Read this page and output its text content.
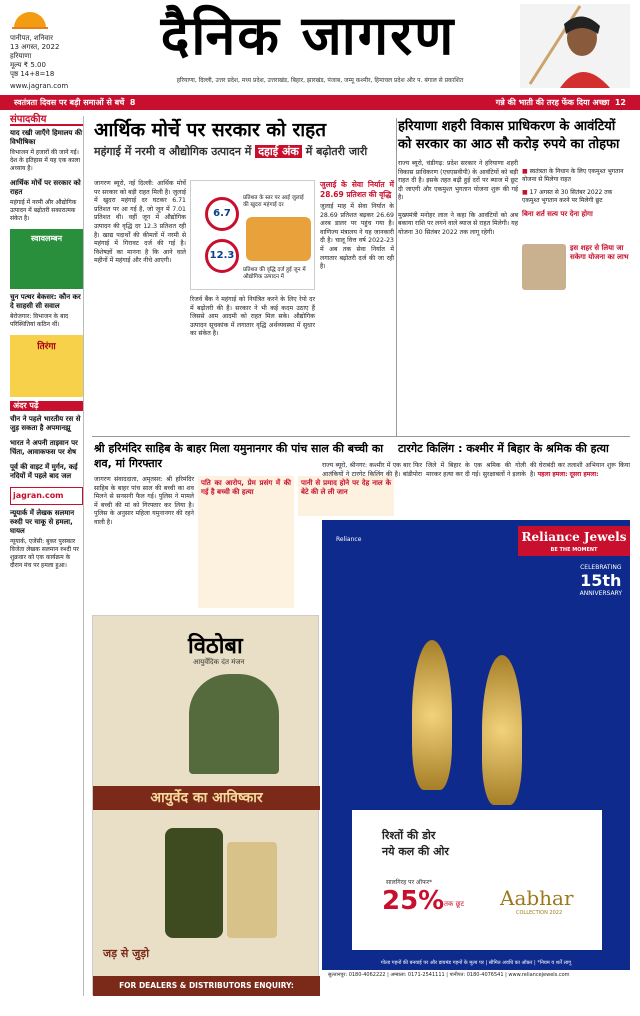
पानीपत, शनिवार
13 अगस्त, 2022
हरियाणा
मूल्य ₹ 5.00
पृष्ठ 14+8=18
www.jagran.com
दैनिक जागरण
हरियाणा, दिल्ली, उत्तर प्रदेश, मध्य प्रदेश, उत्तराखंड, बिहार, झारखंड, पंजाब, जम्मू कश्मीर, हिमाचल प्रदेश और प. बंगाल से प्रकाशित
स्वतंत्रता दिवस पर बड़ी समाओं से बचें 8	गन्ने की भाती की तरह फेंक दिया अच्छा 12
संपादकीय
याद रखी जाएँगे हिमालय की विभीषिका
विभाजन में हजारों की जानें गई। देश के इतिहास में यह एक काला अध्याय है।
आर्थिक मोर्चे पर सरकार को राहत
महंगाई में नरमी और औद्योगिक उत्पादन में बढ़ोतरी सकारात्मक संकेत है।
स्वावलम्बन
चुन पत्थर बेकसर: कौन कर दे साहसी सी सवाल
बेरोजगार: विभाजन के बाद परिस्थितियां कठिन थीं।
तिरंगा
अंदर पढ़ें
चीन ने पहले भारतीय रस से जुड़ सकता है अपमानझू
भारत ने अपनी ताइवान पर चिंता, आवाकफस पर शेष
पूर्व की वाइट में मुर्गन, कई नदियों में पहले बाद जल
jagran.com
न्यूयार्क में लेखक सलमान रुश्दी पर चाकू से हमला, घायल
न्यूयार्क, एजेंसी: बुकर पुरस्कार विजेता लेखक सलमान रुश्दी पर शुक्रवार को एक कार्यक्रम के दौरान मंच पर हमला हुआ।
आर्थिक मोर्चे पर सरकार को राहत
महंगाई में नरमी व औद्योगिक उत्पादन में दहाई अंक में बढ़ोतरी जारी
जागरण ब्यूरो, नई दिल्ली: आर्थिक मोर्चे पर सरकार को बड़ी राहत मिली है। जुलाई में खुदरा महंगाई दर घटकर 6.71 प्रतिशत पर आ गई है, जो जून में 7.01 प्रतिशत थी। वहीं जून में औद्योगिक उत्पादन की वृद्धि दर 12.3 प्रतिशत रही है। खाद्य पदार्थों की कीमतों में नरमी से महंगाई में गिरावट दर्ज की गई है। विशेषज्ञों का मानना है कि आने वाले महीनों में महंगाई और नीचे आएगी।
6.7
प्रतिशत के स्तर पर आई जुलाई की खुदरा महंगाई दर
12.3
प्रतिशत की वृद्धि दर्ज हुई जून में औद्योगिक उत्पादन में
रिजर्व बैंक ने महंगाई को नियंत्रित करने के लिए रेपो दर में बढ़ोतरी की है। सरकार ने भी कई कदम उठाए हैं जिससे आम आदमी को राहत मिल सके। औद्योगिक उत्पादन सूचकांक में लगातार वृद्धि अर्थव्यवस्था में सुधार का संकेत है।
जुलाई के सेवा निर्यात में 28.69 प्रतिशत की वृद्धि
जुलाई माह में सेवा निर्यात के 28.69 प्रतिशत बढ़कर 26.69 अरब डालर पर पहुंच गया है। वाणिज्य मंत्रालय ने यह जानकारी दी है। चालू वित्त वर्ष 2022-23 में अब तक सेवा निर्यात में लगातार बढ़ोतरी दर्ज की जा रही है।
हरियाणा शहरी विकास प्राधिकरण के आवंटियों को सरकार का आठ सौ करोड़ रुपये का तोहफा
राज्य ब्यूरो, चंडीगढ़: प्रदेश सरकार ने हरियाणा शहरी विकास प्राधिकरण (एचएसवीपी) के आवंटियों को बड़ी राहत दी है। इसके तहत बढ़ी हुई दरों पर ब्याज में छूट दी जाएगी और एकमुश्त भुगतान योजना शुरू की गई है।

मुख्यमंत्री मनोहर लाल ने कहा कि आवंटियों को अब बकाया राशि पर लगने वाले ब्याज से राहत मिलेगी। यह योजना 30 सितंबर 2022 तक लागू रहेगी।
■ स्वतंत्रता के निधान के लिए एकमुश्त भुगतान योजना से मिलेगा राहत
■ 17 अगस्त से 30 सितंबर 2022 तक एकमुश्त भुगतान करने पर मिलेगी छूट
बिना शर्त सत्य पर देना होगा
इस शहर से लिया जा सकेगा योजना का लाभ
श्री हरिमंदिर साहिब के बाहर मिला यमुनानगर की पांच साल की बच्ची का शव, मां गिरफ्तार
जागरण संवाददाता, अमृतसर: श्री हरिमंदिर साहिब के बाहर पांच साल की बच्ची का शव मिलने से सनसनी फैल गई। पुलिस ने मामले में बच्ची की मां को गिरफ्तार कर लिया है। पुलिस के अनुसार महिला यमुनानगर की रहने वाली है।
पति का आरोप, प्रेम प्रसंग में की गई है बच्ची की हत्या
पानी से प्रमाद होने पर देह नाल के बेटे की ले ली जान
टारगेट किलिंग : कश्मीर में बिहार के श्रमिक की हत्या
राज्य ब्यूरो, श्रीनगर: कश्मीर में एक बार फिर आतंकियों ने टारगेट किलिंग की है। बांडीपोरा जिले में बिहार के एक श्रमिक की गोली मारकर हत्या कर दी गई। सुरक्षाबलों ने इलाके की घेराबंदी कर तलाशी अभियान शुरू किया है। पहला हमला: दूसरा हमला:
विठोबा
आयुर्वेदिक दंत मंजन
आयुर्वेद का आविष्कार
जड़ से जुड़ो
FOR DEALERS & DISTRIBUTORS ENQUIRY: 9260100600
Reliance	Reliance Jewels
BE THE MOMENT
CELEBRATING
15th
ANNIVERSARY
रिश्तों की डोर
नये कल की ओर
सालगिरह पर ऑफर*
25% तक छूट Aabhar
COLLECTION 2022
गोल्ड गहनों की बनवाई पर और डायमंड गहनों के मूल्य पर | सीमित अवधि का ऑफ़र | *नियम व शर्तें लागू
सुल्तानपुर: 0180-4062222 | अम्बाला: 0171-2541111 | पानीपत: 0180-4076541 | www.reliancejewels.com
